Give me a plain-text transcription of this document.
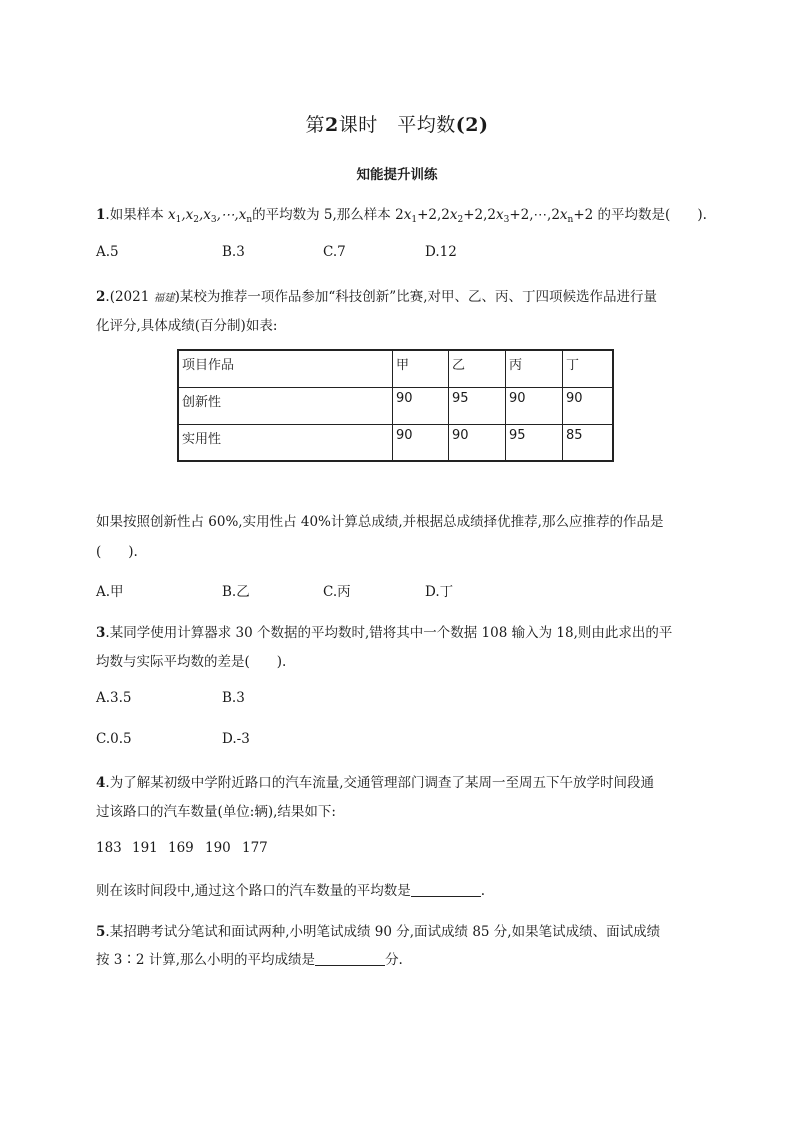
第2课时　平均数(2)
知能提升训练
1.如果样本 $x_1,x_2,x_3,\cdots,x_n$的平均数为 5,那么样本 $2x_1+2,2x_2+2,2x_3+2,\cdots,2x_n+2$ 的平均数是(　　).
A.5	B.3	C.7	D.12
2.(2021 福建)某校为推荐一项作品参加“科技创新”比赛,对甲、乙、丙、丁四项候选作品进行量
化评分,具体成绩(百分制)如表:
项目作品	甲	乙	丙	丁
创新性	90	95	90	90
实用性	90	90	95	85
如果按照创新性占 60%,实用性占 40%计算总成绩,并根据总成绩择优推荐,那么应推荐的作品是
(　　).
A.甲	B.乙	C.丙	D.丁
3.某同学使用计算器求 30 个数据的平均数时,错将其中一个数据 108 输入为 18,则由此求出的平
均数与实际平均数的差是(　　).
A.3.5	B.3
C.0.5	D.-3
4.为了解某初级中学附近路口的汽车流量,交通管理部门调查了某周一至周五下午放学时间段通
过该路口的汽车数量(单位:辆),结果如下:
183 191 169 190 177
则在该时间段中,通过这个路口的汽车数量的平均数是	.
5.某招聘考试分笔试和面试两种,小明笔试成绩 90 分,面试成绩 85 分,如果笔试成绩、面试成绩
按 3∶2 计算,那么小明的平均成绩是	分.
